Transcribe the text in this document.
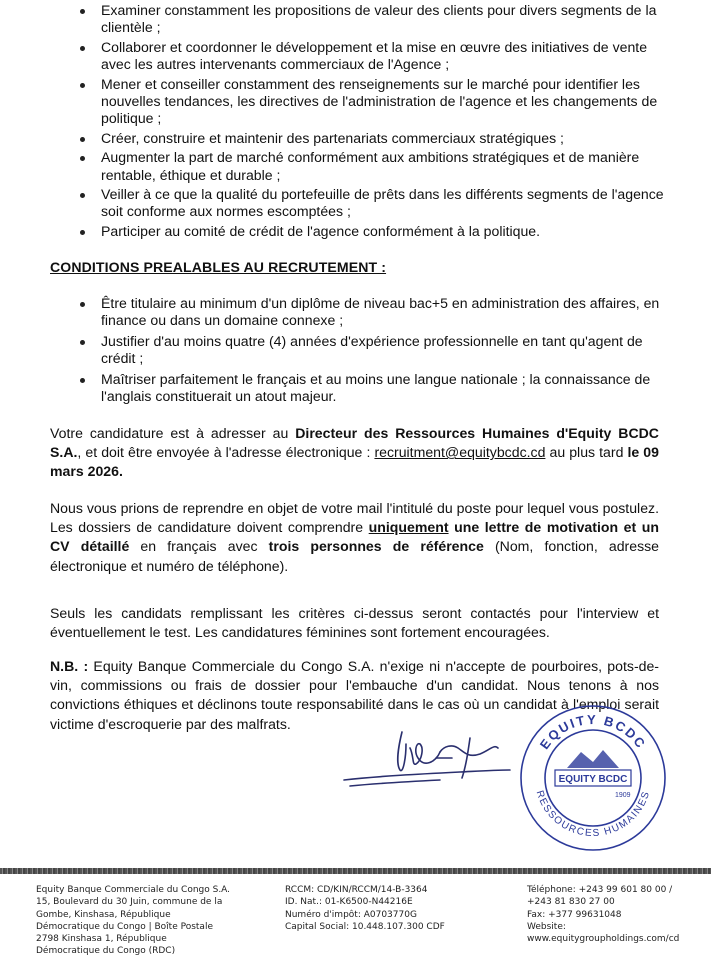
Examiner constamment les propositions de valeur des clients pour divers segments de la clientèle ;
Collaborer et coordonner le développement et la mise en œuvre des initiatives de vente avec les autres intervenants commerciaux de l'Agence ;
Mener et conseiller constamment des renseignements sur le marché pour identifier les nouvelles tendances, les directives de l'administration de l'agence et les changements de politique ;
Créer, construire et maintenir des partenariats commerciaux stratégiques ;
Augmenter la part de marché conformément aux ambitions stratégiques et de manière rentable, éthique et durable ;
Veiller à ce que la qualité du portefeuille de prêts dans les différents segments de l'agence soit conforme aux normes escomptées ;
Participer au comité de crédit de l'agence conformément à la politique.
CONDITIONS PREALABLES AU RECRUTEMENT :
Être titulaire au minimum d'un diplôme de niveau bac+5 en administration des affaires, en finance ou dans un domaine connexe ;
Justifier d'au moins quatre (4) années d'expérience professionnelle en tant qu'agent de crédit ;
Maîtriser parfaitement le français et au moins une langue nationale ; la connaissance de l'anglais constituerait un atout majeur.

Votre candidature est à adresser au Directeur des Ressources Humaines d'Equity BCDC S.A., et doit être envoyée à l'adresse électronique : recruitment@equitybcdc.cd au plus tard le 09 mars 2026.

Nous vous prions de reprendre en objet de votre mail l'intitulé du poste pour lequel vous postulez. Les dossiers de candidature doivent comprendre uniquement une lettre de motivation et un CV détaillé en français avec trois personnes de référence (Nom, fonction, adresse électronique et numéro de téléphone).

Seuls les candidats remplissant les critères ci-dessus seront contactés pour l'interview et éventuellement le test. Les candidatures féminines sont fortement encouragées.

N.B. : Equity Banque Commerciale du Congo S.A. n'exige ni n'accepte de pourboires, pots-de-vin, commissions ou frais de dossier pour l'embauche d'un candidat. Nous tenons à nos convictions éthiques et déclinons toute responsabilité dans le cas où un candidat à l'emploi serait victime d'escroquerie par des malfrats.

EQUITY BCDC
RESSOURCES HUMAINES
EQUITY BCDC
1909
Equity Banque Commerciale du Congo S.A.
15, Boulevard du 30 Juin, commune de la
Gombe, Kinshasa, République
Démocratique du Congo | Boîte Postale
2798 Kinshasa 1, République
Démocratique du Congo (RDC)
RCCM: CD/KIN/RCCM/14-B-3364
ID. Nat.: 01-K6500-N44216E
Numéro d'impôt: A0703770G
Capital Social: 10.448.107.300 CDF
Téléphone: +243 99 601 80 00 /
+243 81 830 27 00
Fax: +377 99631048
Website:
www.equitygroupholdings.com/cd
